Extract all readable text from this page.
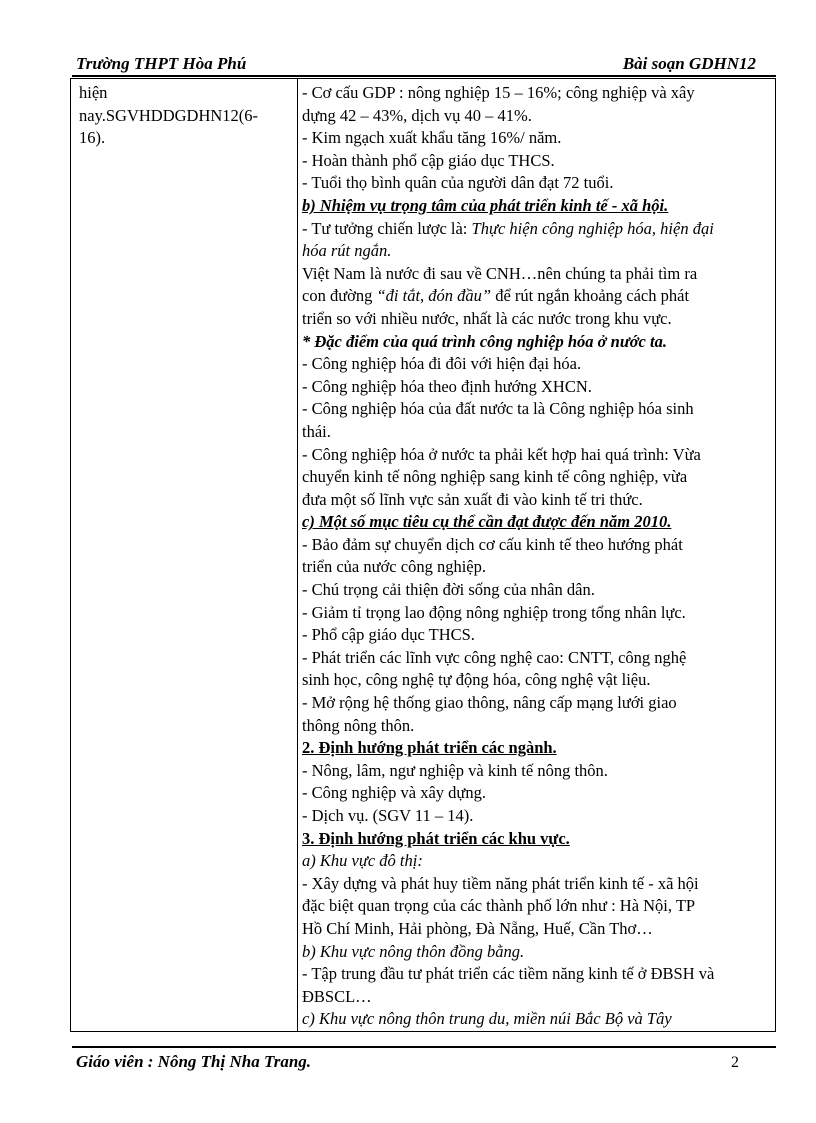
Trường THPT Hòa Phú	Bài soạn GDHN12
hiện
nay.SGVHDDGDHN12(6-
16).
- Cơ cấu GDP : nông nghiệp 15 – 16%; công nghiệp và xây
dựng 42 – 43%, dịch vụ 40 – 41%.
- Kim ngạch xuất khẩu tăng 16%/ năm.
- Hoàn thành phổ cập giáo dục THCS.
- Tuổi thọ bình quân của người dân đạt 72 tuổi.
b) Nhiệm vụ trọng tâm của phát triển kinh tế - xã hội.
- Tư tưởng chiến lược là: Thực hiện công nghiệp hóa, hiện đại
hóa rút ngắn.
Việt Nam là nước đi sau về CNH…nên chúng ta phải tìm ra
con đường “đi tắt, đón đầu” để rút ngắn khoảng cách phát
triển so với nhiều nước, nhất là các nước trong khu vực.
* Đặc điểm của quá trình công nghiệp hóa ở nước ta.
- Công nghiệp hóa đi đôi với hiện đại hóa.
- Công nghiệp hóa theo định hướng XHCN.
- Công nghiệp hóa của đất nước ta là Công nghiệp hóa sinh
thái.
- Công nghiệp hóa ở nước ta phải kết hợp hai quá trình: Vừa
chuyển kinh tế nông nghiệp sang kinh tế công nghiệp, vừa
đưa một số lĩnh vực sản xuất đi vào kinh tế tri thức.
c) Một số mục tiêu cụ thể cần đạt được đến năm 2010.
- Bảo đảm sự chuyển dịch cơ cấu kinh tế theo hướng phát
triển của nước công nghiệp.
- Chú trọng cải thiện đời sống của nhân dân.
- Giảm tỉ trọng lao động nông nghiệp trong tổng nhân lực.
- Phổ cập giáo dục THCS.
- Phát triển các lĩnh vực công nghệ cao: CNTT, công nghệ
sinh học, công nghệ tự động hóa, công nghệ vật liệu.
- Mở rộng hệ thống giao thông, nâng cấp mạng lưới giao
thông nông thôn.
2. Định hướng phát triển các ngành.
- Nông, lâm, ngư nghiệp và kinh tế nông thôn.
- Công nghiệp và xây dựng.
- Dịch vụ. (SGV 11 – 14).
3. Định hướng phát triển các khu vực.
a) Khu vực đô thị:
- Xây dựng và phát huy tiềm năng phát triển kinh tế - xã hội
đặc biệt quan trọng của các thành phố lớn như : Hà Nội, TP
Hồ Chí Minh, Hải phòng, Đà Nẵng, Huế, Cần Thơ…
b) Khu vực nông thôn đồng bằng.
- Tập trung đầu tư phát triển các tiềm năng kinh tế ở ĐBSH và
ĐBSCL…
c) Khu vực nông thôn trung du, miền núi Bắc Bộ và Tây
Giáo viên : Nông Thị Nha Trang.	2
